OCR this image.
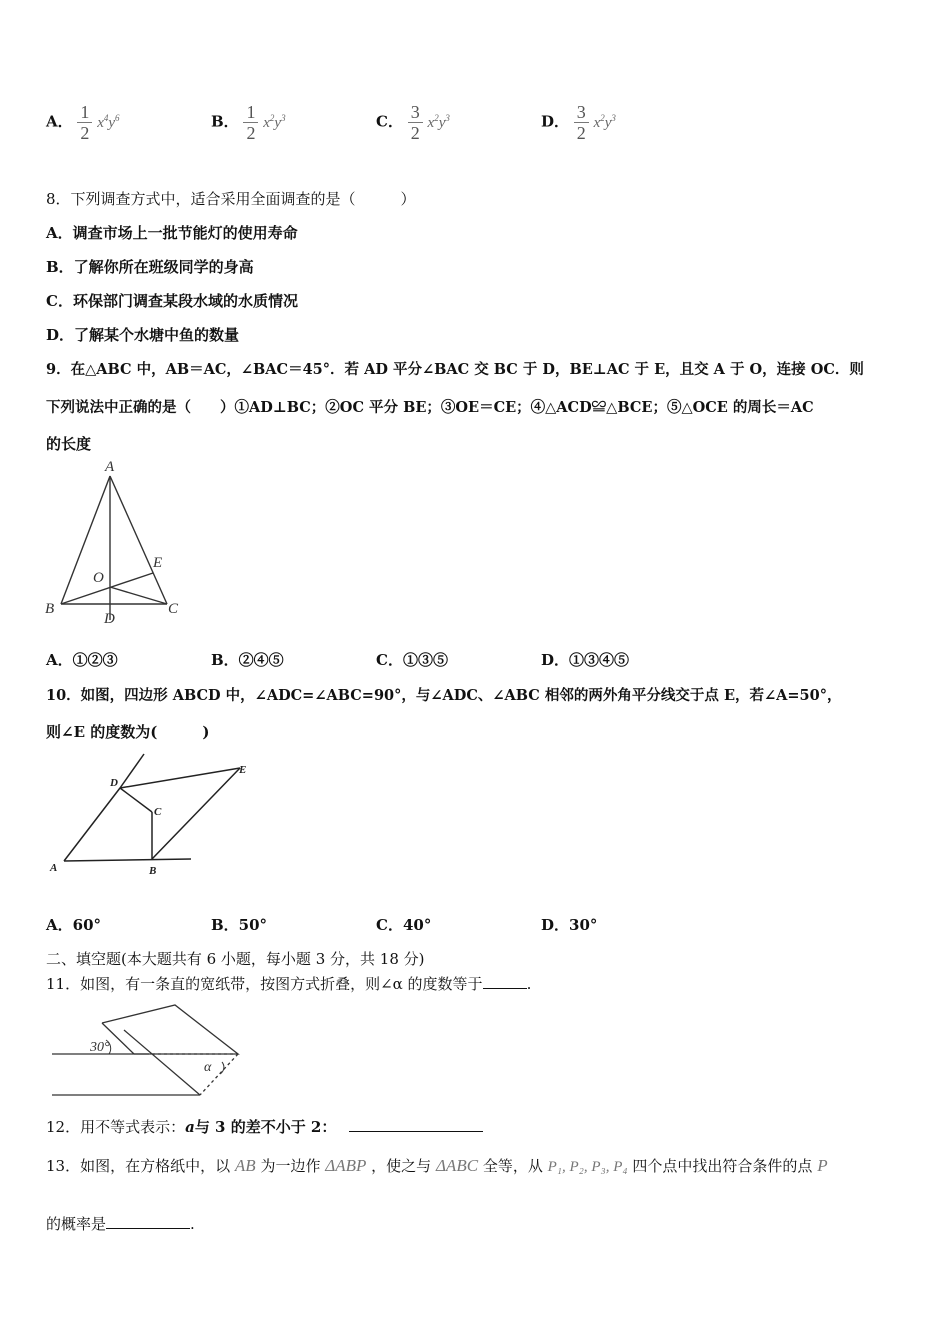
A． $\frac{1}{2} x^4y^6$	B． $\frac{1}{2} x^2y^3$	C． $\frac{3}{2} x^2y^3$	D． $\frac{3}{2} x^2y^3$
8．下列调查方式中，适合采用全面调查的是（　　　）
A．调查市场上一批节能灯的使用寿命
B．了解你所在班级同学的身高
C．环保部门调查某段水域的水质情况
D．了解某个水塘中鱼的数量
9．在△ABC 中，AB＝AC，∠BAC＝45°．若 AD 平分∠BAC 交 BC 于 D，BE⊥AC 于 E，且交 A 于 O，连接 OC．则
下列说法中正确的是（　　）①AD⊥BC；②OC 平分 BE；③OE＝CE；④△ACD≌△BCE；⑤△OCE 的周长＝AC
的长度
A
B	C
D
E
O
A．①②③	B．②④⑤	C．①③⑤	D．①③④⑤
10．如图，四边形 ABCD 中，∠ADC=∠ABC=90°，与∠ADC、∠ABC 相邻的两外角平分线交于点 E，若∠A=50°，
则∠E 的度数为(　　　)
A	B
C
D
E
A．60°	B．50°	C．40°	D．30°
二、填空题(本大题共有 6 小题，每小题 3 分，共 18 分)
11．如图，有一条直的宽纸带，按图方式折叠，则∠α 的度数等于	.
30°
α
12．用不等式表示：a与 3 的差不小于 2：
13．如图，在方格纸中，以 AB 为一边作 ΔABP ，使之与 ΔABC 全等，从 P₁, P₂, P₃, P₄ 四个点中找出符合条件的点 P
的概率是	.
